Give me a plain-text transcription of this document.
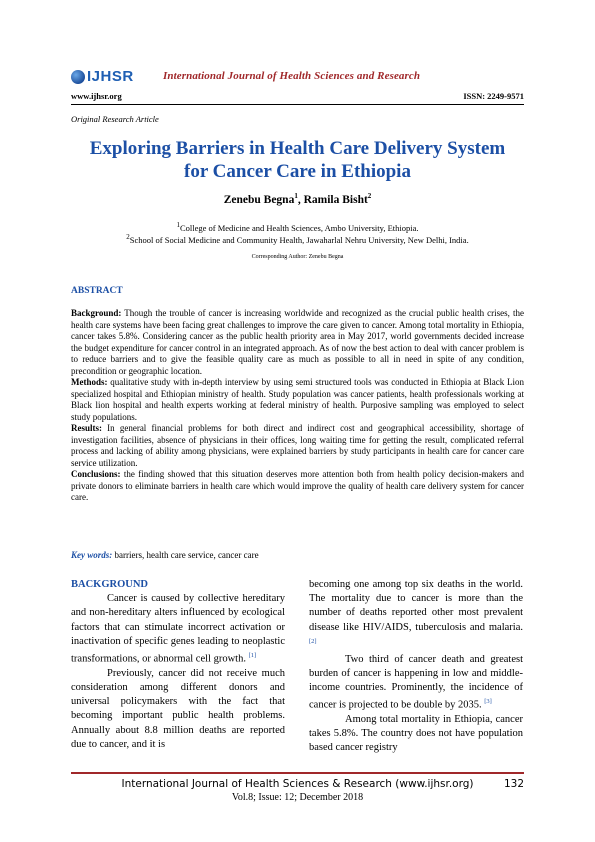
IJHSR	International Journal of Health Sciences and Research
www.ijhsr.org	ISSN: 2249-9571
Original Research Article
Exploring Barriers in Health Care Delivery System
for Cancer Care in Ethiopia
Zenebu Begna$^1$, Ramila Bisht$^2$
$^1$College of Medicine and Health Sciences, Ambo University, Ethiopia.
$^2$School of Social Medicine and Community Health, Jawaharlal Nehru University, New Delhi, India.
Corresponding Author: Zenebu Begna
ABSTRACT

Background: Though the trouble of cancer is increasing worldwide and recognized as the crucial public health crises, the health care systems have been facing great challenges to improve the care given to cancer. Among total mortality in Ethiopia, cancer takes 5.8%. Considering cancer as the public health priority area in May 2017, world governments decided increase the budget expenditure for cancer control in an integrated approach. As of now the best action to deal with cancer problem is to reduce barriers and to give the feasible quality care as much as possible to all in need in spite of any condition, precondition or geographic location.

Methods: qualitative study with in-depth interview by using semi structured tools was conducted in Ethiopia at Black Lion specialized hospital and Ethiopian ministry of health. Study population was cancer patients, health professionals working at Black lion hospital and health experts working at federal ministry of health. Purposive sampling was employed to select study populations.

Results: In general financial problems for both direct and indirect cost and geographical accessibility, shortage of investigation facilities, absence of physicians in their offices, long waiting time for getting the result, complicated referral process and lacking of ability among physicians, were explained barriers by study participants in health care for cancer care service utilization.

Conclusions: the finding showed that this situation deserves more attention both from health policy decision-makers and private donors to eliminate barriers in health care which would improve the quality of health care delivery system for cancer care.

Key words: barriers, health care service, cancer care

BACKGROUND

Cancer is caused by collective hereditary and non-hereditary alters influenced by ecological factors that can stimulate incorrect activation or inactivation of specific genes leading to neoplastic transformations, or abnormal cell growth. [1]

Previously, cancer did not receive much consideration among different donors and universal policymakers with the fact that becoming important public health problems. Annually about 8.8 million deaths are reported due to cancer, and it is

becoming one among top six deaths in the world. The mortality due to cancer is more than the number of deaths reported other most prevalent disease like HIV/AIDS, tuberculosis and malaria. [2]

Two third of cancer death and greatest burden of cancer is happening in low and middle-income countries. Prominently, the incidence of cancer is projected to be double by 2035. [3]

Among total mortality in Ethiopia, cancer takes 5.8%. The country does not have population based cancer registry

International Journal of Health Sciences & Research (www.ijhsr.org)	132
Vol.8; Issue: 12; December 2018
